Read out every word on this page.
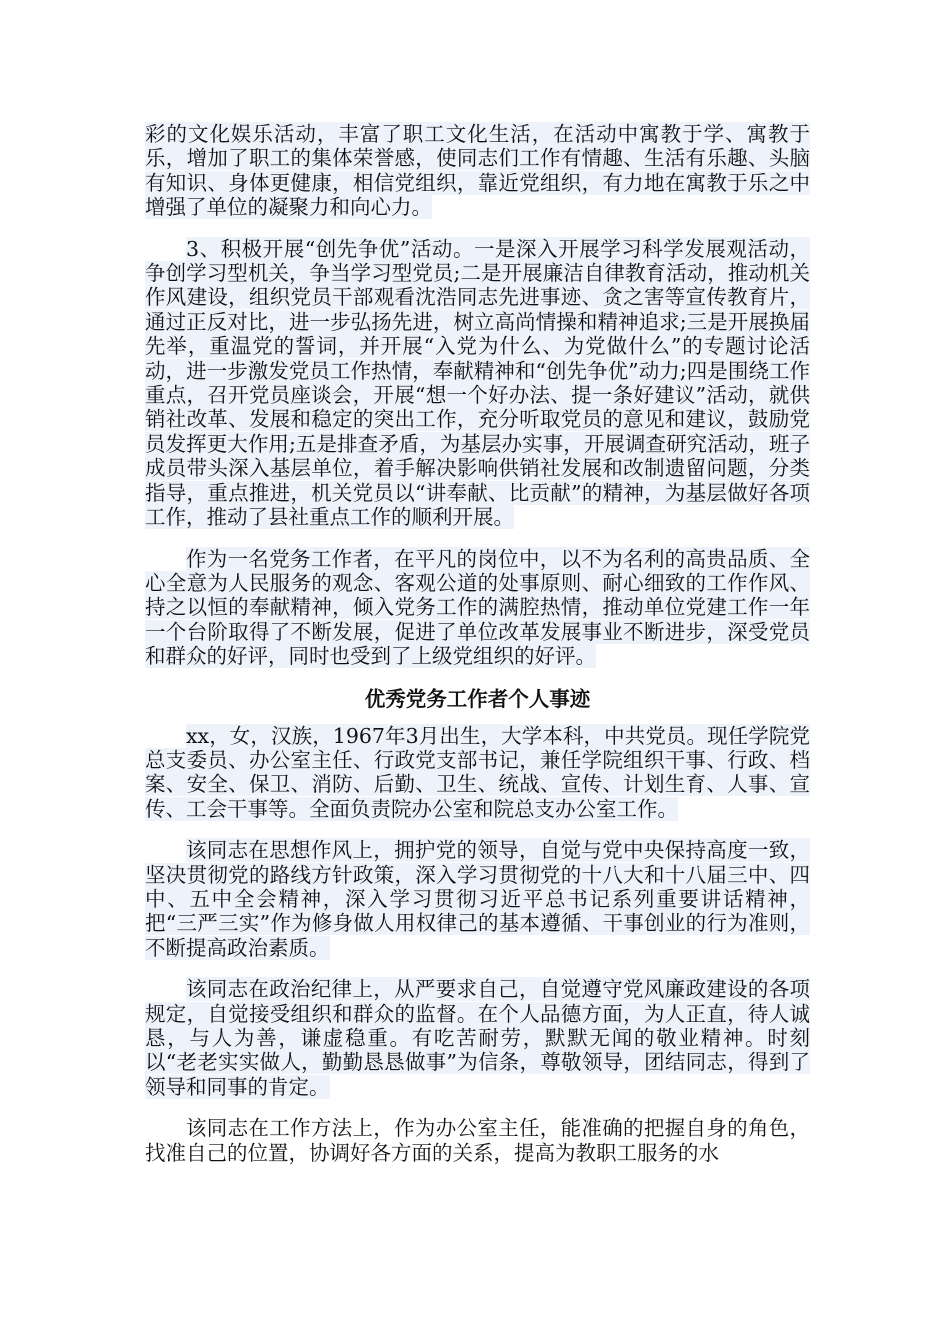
彩的文化娱乐活动，丰富了职工文化生活，在活动中寓教于学、寓教于乐，增加了职工的集体荣誉感，使同志们工作有情趣、生活有乐趣、头脑有知识、身体更健康，相信党组织，靠近党组织，有力地在寓教于乐之中增强了单位的凝聚力和向心力。

3、积极开展“创先争优”活动。一是深入开展学习科学发展观活动，争创学习型机关，争当学习型党员;二是开展廉洁自律教育活动，推动机关作风建设，组织党员干部观看沈浩同志先进事迹、贪之害等宣传教育片，通过正反对比，进一步弘扬先进，树立高尚情操和精神追求;三是开展换届先举，重温党的誓词，并开展“入党为什么、为党做什么”的专题讨论活动，进一步激发党员工作热情，奉献精神和“创先争优”动力;四是围绕工作重点，召开党员座谈会，开展“想一个好办法、提一条好建议”活动，就供销社改革、发展和稳定的突出工作，充分听取党员的意见和建议，鼓励党员发挥更大作用;五是排查矛盾，为基层办实事，开展调查研究活动，班子成员带头深入基层单位，着手解决影响供销社发展和改制遗留问题，分类指导，重点推进，机关党员以“讲奉献、比贡献”的精神，为基层做好各项工作，推动了县社重点工作的顺利开展。

作为一名党务工作者，在平凡的岗位中，以不为名利的高贵品质、全心全意为人民服务的观念、客观公道的处事原则、耐心细致的工作作风、持之以恒的奉献精神，倾入党务工作的满腔热情，推动单位党建工作一年一个台阶取得了不断发展，促进了单位改革发展事业不断进步，深受党员和群众的好评，同时也受到了上级党组织的好评。

优秀党务工作者个人事迹

xx，女，汉族，1967年3月出生，大学本科，中共党员。现任学院党总支委员、办公室主任、行政党支部书记，兼任学院组织干事、行政、档案、安全、保卫、消防、后勤、卫生、统战、宣传、计划生育、人事、宣传、工会干事等。全面负责院办公室和院总支办公室工作。

该同志在思想作风上，拥护党的领导，自觉与党中央保持高度一致，坚决贯彻党的路线方针政策，深入学习贯彻党的十八大和十八届三中、四中、五中全会精神，深入学习贯彻习近平总书记系列重要讲话精神，把“三严三实”作为修身做人用权律己的基本遵循、干事创业的行为准则，不断提高政治素质。

该同志在政治纪律上，从严要求自己，自觉遵守党风廉政建设的各项规定，自觉接受组织和群众的监督。在个人品德方面，为人正直，待人诚恳，与人为善，谦虚稳重。有吃苦耐劳，默默无闻的敬业精神。时刻以“老老实实做人，勤勤恳恳做事”为信条，尊敬领导，团结同志，得到了领导和同事的肯定。

该同志在工作方法上，作为办公室主任，能准确的把握自身的角色，找准自己的位置，协调好各方面的关系，提高为教职工服务的水
